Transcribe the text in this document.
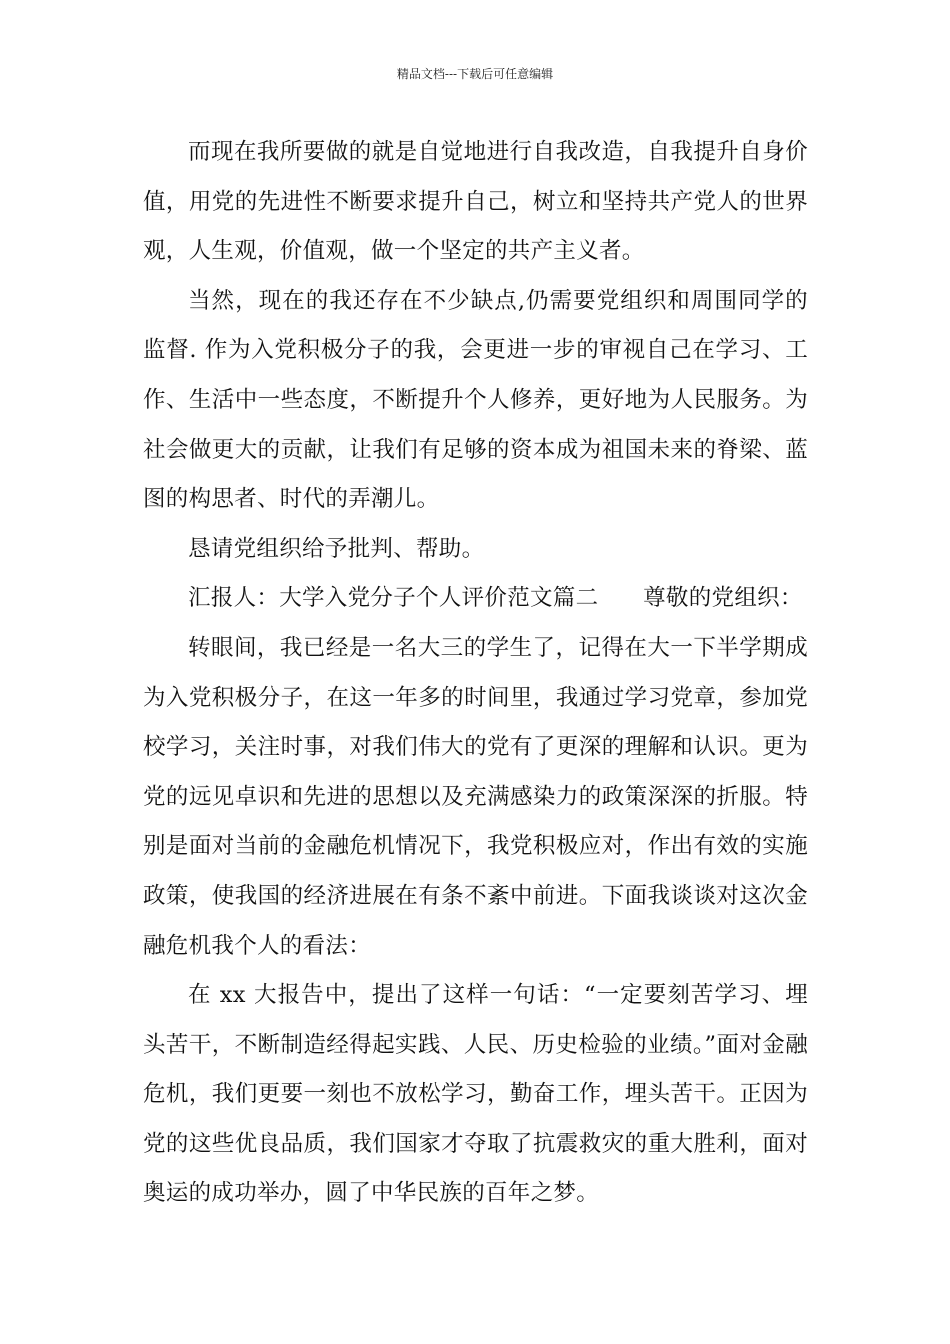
精品文档---下载后可任意编辑

而现在我所要做的就是自觉地进行自我改造，自我提升自身价值，用党的先进性不断要求提升自己，树立和坚持共产党人的世界观，人生观，价值观，做一个坚定的共产主义者。

当然，现在的我还存在不少缺点,仍需要党组织和周围同学的监督. 作为入党积极分子的我，会更进一步的审视自己在学习、工作、生活中一些态度，不断提升个人修养，更好地为人民服务。为社会做更大的贡献，让我们有足够的资本成为祖国未来的脊梁、蓝图的构思者、时代的弄潮儿。

恳请党组织给予批判、帮助。

汇报人：大学入党分子个人评价范文篇二      尊敬的党组织：

转眼间，我已经是一名大三的学生了，记得在大一下半学期成为入党积极分子，在这一年多的时间里，我通过学习党章，参加党校学习，关注时事，对我们伟大的党有了更深的理解和认识。更为党的远见卓识和先进的思想以及充满感染力的政策深深的折服。特别是面对当前的金融危机情况下，我党积极应对，作出有效的实施政策，使我国的经济进展在有条不紊中前进。下面我谈谈对这次金融危机我个人的看法：

在 xx 大报告中，提出了这样一句话：“一定要刻苦学习、埋头苦干，不断制造经得起实践、人民、历史检验的业绩。”面对金融危机，我们更要一刻也不放松学习，勤奋工作，埋头苦干。正因为党的这些优良品质，我们国家才夺取了抗震救灾的重大胜利，面对奥运的成功举办，圆了中华民族的百年之梦。
